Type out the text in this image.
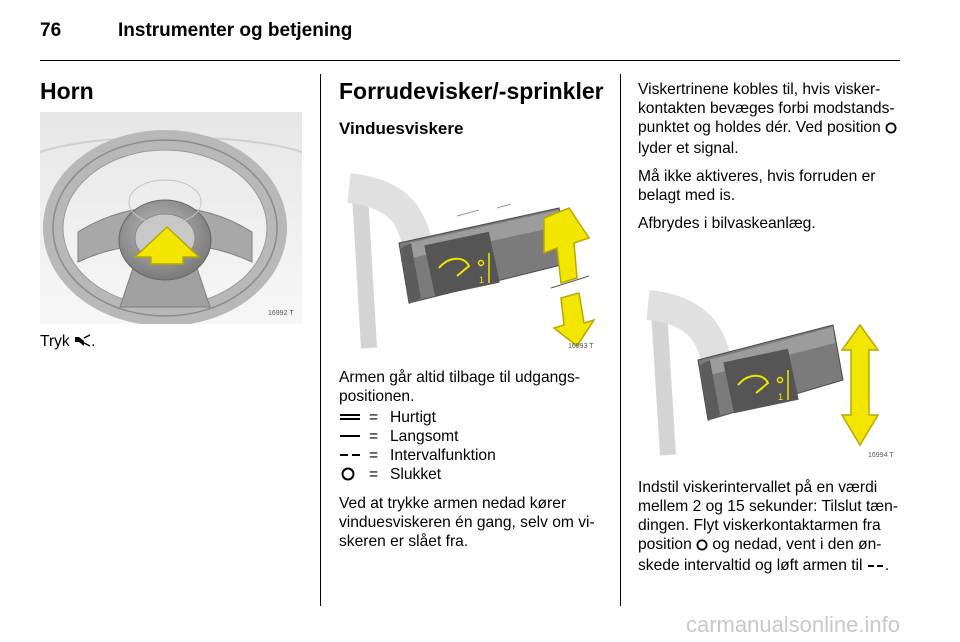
76	Instrumenter og betjening
Horn
16992 T
Tryk .
Forrudevisker/-sprinkler
Vinduesviskere
1
16993 T
Armen går altid tilbage til udgangs-positionen.
= Hurtigt
= Langsomt
= Intervalfunktion
= Slukket
Ved at trykke armen nedad kører vinduesviskeren én gang, selv om vi-skeren er slået fra.

Viskertrinene kobles til, hvis visker-kontakten bevæges forbi modstands-punktet og holdes dér. Ved position  lyder et signal.

Må ikke aktiveres, hvis forruden er belagt med is.

Afbrydes i bilvaskeanlæg.

1
16994 T
Indstil viskerintervallet på en værdi mellem 2 og 15 sekunder: Tilslut tæn-dingen. Flyt viskerkontaktarmen fra position  og nedad, vent i den øn-skede intervaltid og løft armen til .
carmanualsonline.info
